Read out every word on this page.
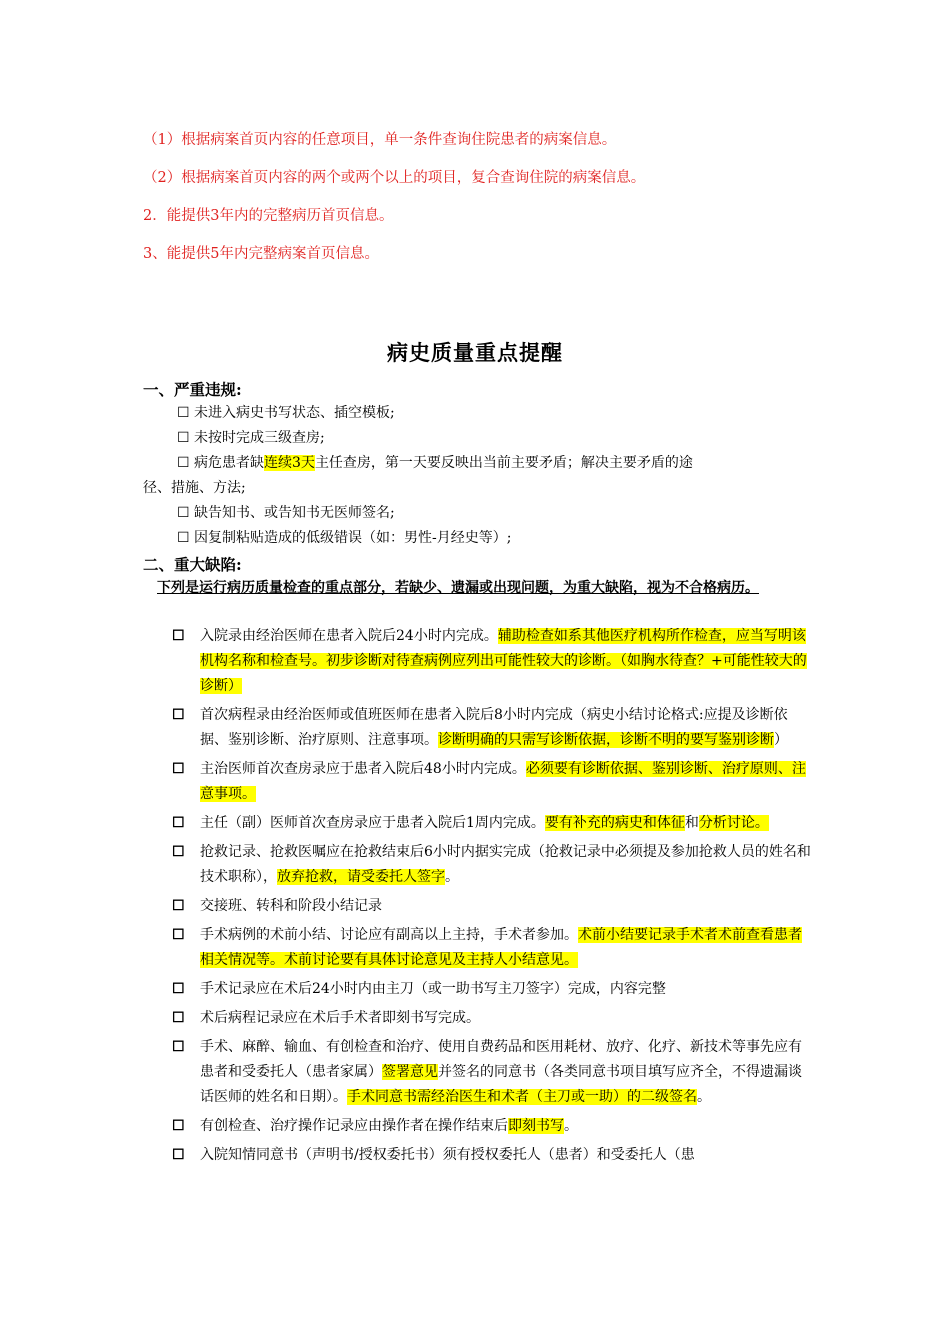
（1）根据病案首页内容的任意项目，单一条件查询住院患者的病案信息。
（2）根据病案首页内容的两个或两个以上的项目，复合查询住院的病案信息。
2．能提供3年内的完整病历首页信息。
3、能提供5年内完整病案首页信息。
病史质量重点提醒
一、严重违规:
☐ 未进入病史书写状态、插空模板;
☐ 未按时完成三级查房;
☐ 病危患者缺连续3天主任查房，第一天要反映出当前主要矛盾；解决主要矛盾的途
径、措施、方法;
☐ 缺告知书、或告知书无医师签名;
☐ 因复制粘贴造成的低级错误（如：男性-月经史等）;
二、重大缺陷:
下列是运行病历质量检查的重点部分，若缺少、遗漏或出现问题，为重大缺陷，视为不合格病历。
☐ 入院录由经治医师在患者入院后24小时内完成。辅助检查如系其他医疗机构所作检查，应当写明该机构名称和检查号。初步诊断对待查病例应列出可能性较大的诊断。（如胸水待查？+可能性较大的诊断）
☐ 首次病程录由经治医师或值班医师在患者入院后8小时内完成（病史小结讨论格式:应提及诊断依据、鉴别诊断、治疗原则、注意事项。诊断明确的只需写诊断依据，诊断不明的要写鉴别诊断）
☐ 主治医师首次查房录应于患者入院后48小时内完成。必须要有诊断依据、鉴别诊断、治疗原则、注意事项。
☐ 主任（副）医师首次查房录应于患者入院后1周内完成。要有补充的病史和体征和分析讨论。
☐ 抢救记录、抢救医嘱应在抢救结束后6小时内据实完成（抢救记录中必须提及参加抢救人员的姓名和技术职称），放弃抢救，请受委托人签字。
☐ 交接班、转科和阶段小结记录
☐ 手术病例的术前小结、讨论应有副高以上主持，手术者参加。术前小结要记录手术者术前查看患者相关情况等。术前讨论要有具体讨论意见及主持人小结意见。
☐ 手术记录应在术后24小时内由主刀（或一助书写主刀签字）完成，内容完整
☐ 术后病程记录应在术后手术者即刻书写完成。
☐ 手术、麻醉、输血、有创检查和治疗、使用自费药品和医用耗材、放疗、化疗、新技术等事先应有患者和受委托人（患者家属）签署意见并签名的同意书（各类同意书项目填写应齐全，不得遗漏谈话医师的姓名和日期）。手术同意书需经治医生和术者（主刀或一助）的二级签名。
☐ 有创检查、治疗操作记录应由操作者在操作结束后即刻书写。
☐ 入院知情同意书（声明书/授权委托书）须有授权委托人（患者）和受委托人（患
